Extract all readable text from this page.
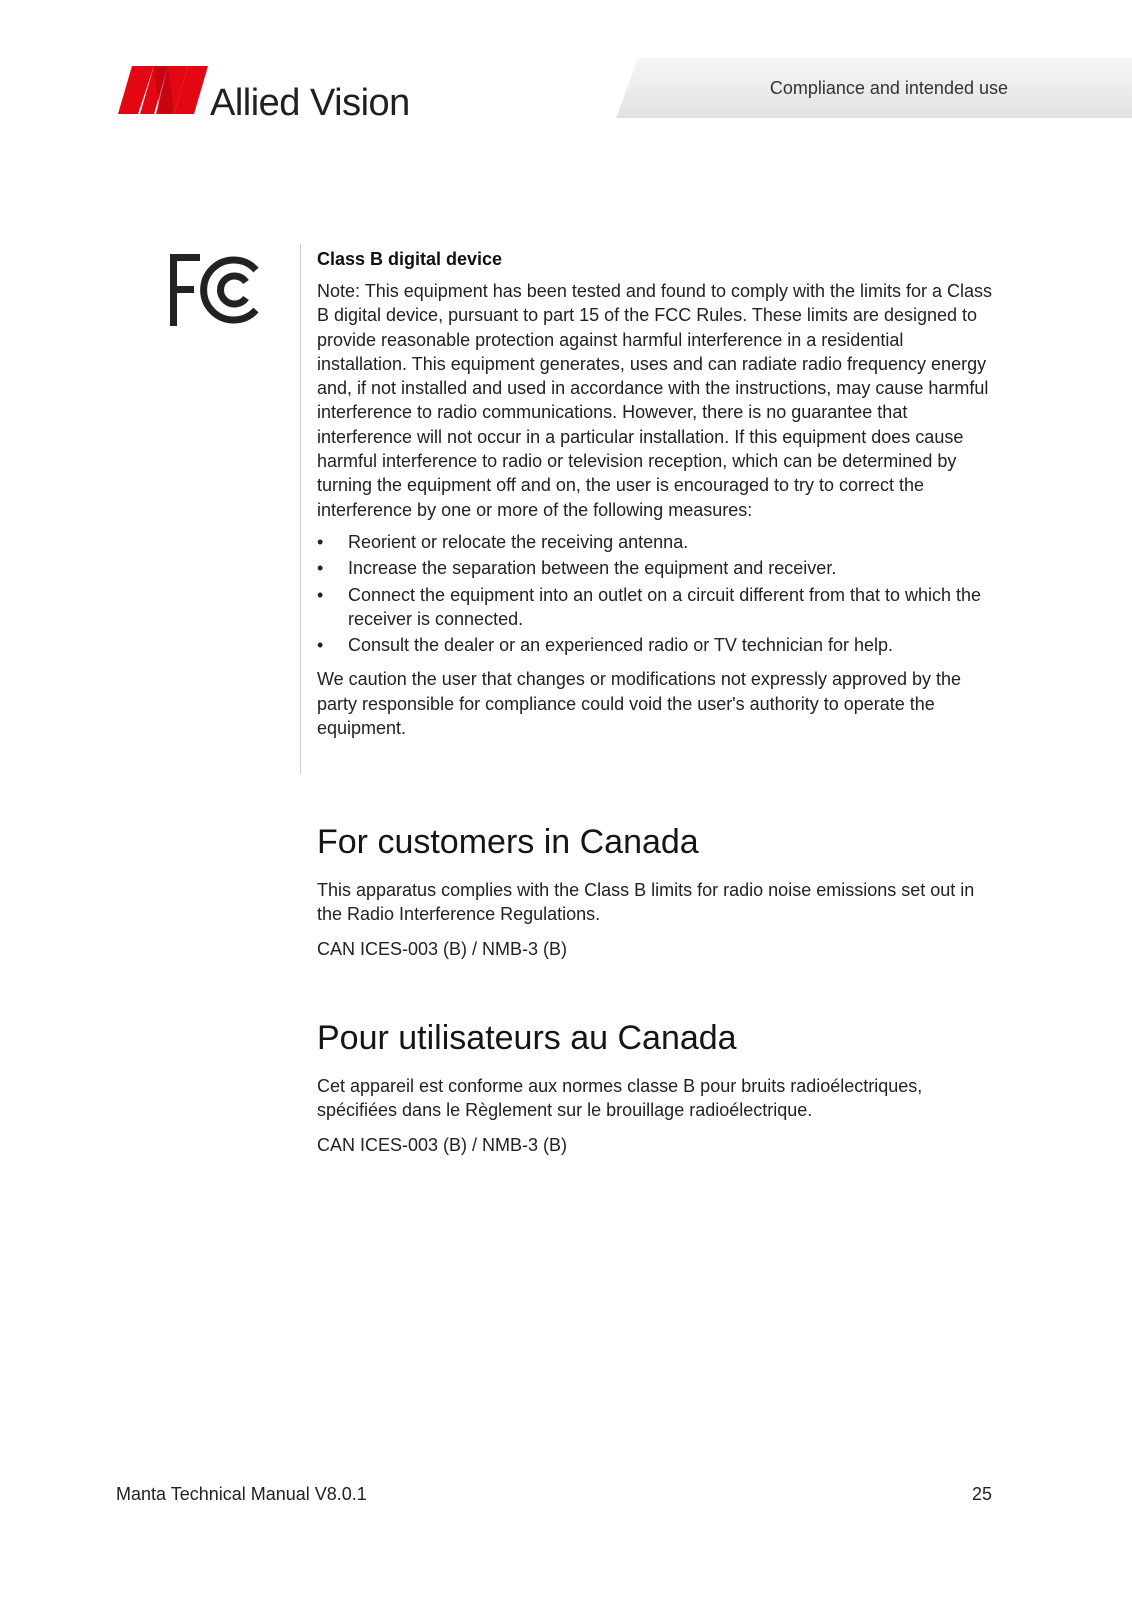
Allied Vision	Compliance and intended use

Class B digital device

Note: This equipment has been tested and found to comply with the limits for a Class B digital device, pursuant to part 15 of the FCC Rules. These limits are designed to provide reasonable protection against harmful interference in a residential installation. This equipment generates, uses and can radiate radio frequency energy and, if not installed and used in accordance with the instructions, may cause harmful interference to radio communications. However, there is no guarantee that interference will not occur in a particular installation. If this equipment does cause harmful interference to radio or television reception, which can be determined by turning the equipment off and on, the user is encouraged to try to correct the interference by one or more of the following measures:

• Reorient or relocate the receiving antenna.
• Increase the separation between the equipment and receiver.
• Connect the equipment into an outlet on a circuit different from that to which the receiver is connected.
• Consult the dealer or an experienced radio or TV technician for help.

We caution the user that changes or modifications not expressly approved by the party responsible for compliance could void the user's authority to operate the equipment.

For customers in Canada

This apparatus complies with the Class B limits for radio noise emissions set out in the Radio Interference Regulations.

CAN ICES-003 (B) / NMB-3 (B)

Pour utilisateurs au Canada

Cet appareil est conforme aux normes classe B pour bruits radioélectriques, spécifiées dans le Règlement sur le brouillage radioélectrique.

CAN ICES-003 (B) / NMB-3 (B)

Manta Technical Manual V8.0.1	25
